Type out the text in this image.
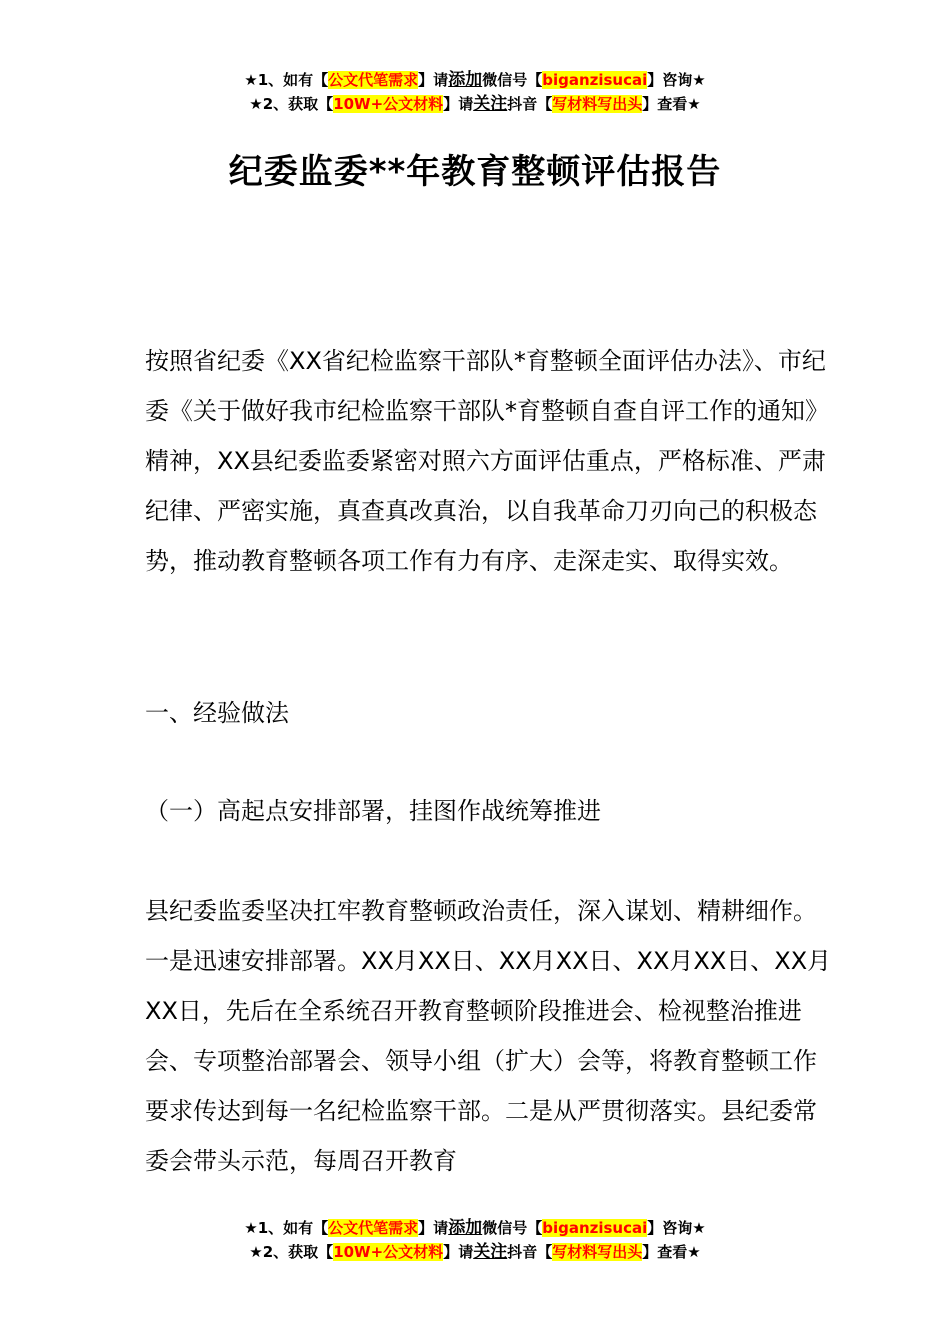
★1、如有【公文代笔需求】请添加微信号【biganzisucai】咨询★
★2、获取【10W+公文材料】请关注抖音【写材料写出头】查看★
纪委监委**年教育整顿评估报告

按照省纪委《XX省纪检监察干部队*育整顿全面评估办法》、市纪委《关于做好我市纪检监察干部队*育整顿自查自评工作的通知》精神，XX县纪委监委紧密对照六方面评估重点，严格标准、严肃纪律、严密实施，真查真改真治，以自我革命刀刃向己的积极态势，推动教育整顿各项工作有力有序、走深走实、取得实效。

一、经验做法

（一）高起点安排部署，挂图作战统筹推进

县纪委监委坚决扛牢教育整顿政治责任，深入谋划、精耕细作。一是迅速安排部署。XX月XX日、XX月XX日、XX月XX日、XX月XX日，先后在全系统召开教育整顿阶段推进会、检视整治推进会、专项整治部署会、领导小组（扩大）会等，将教育整顿工作要求传达到每一名纪检监察干部。二是从严贯彻落实。县纪委常委会带头示范，每周召开教育

★1、如有【公文代笔需求】请添加微信号【biganzisucai】咨询★
★2、获取【10W+公文材料】请关注抖音【写材料写出头】查看★
